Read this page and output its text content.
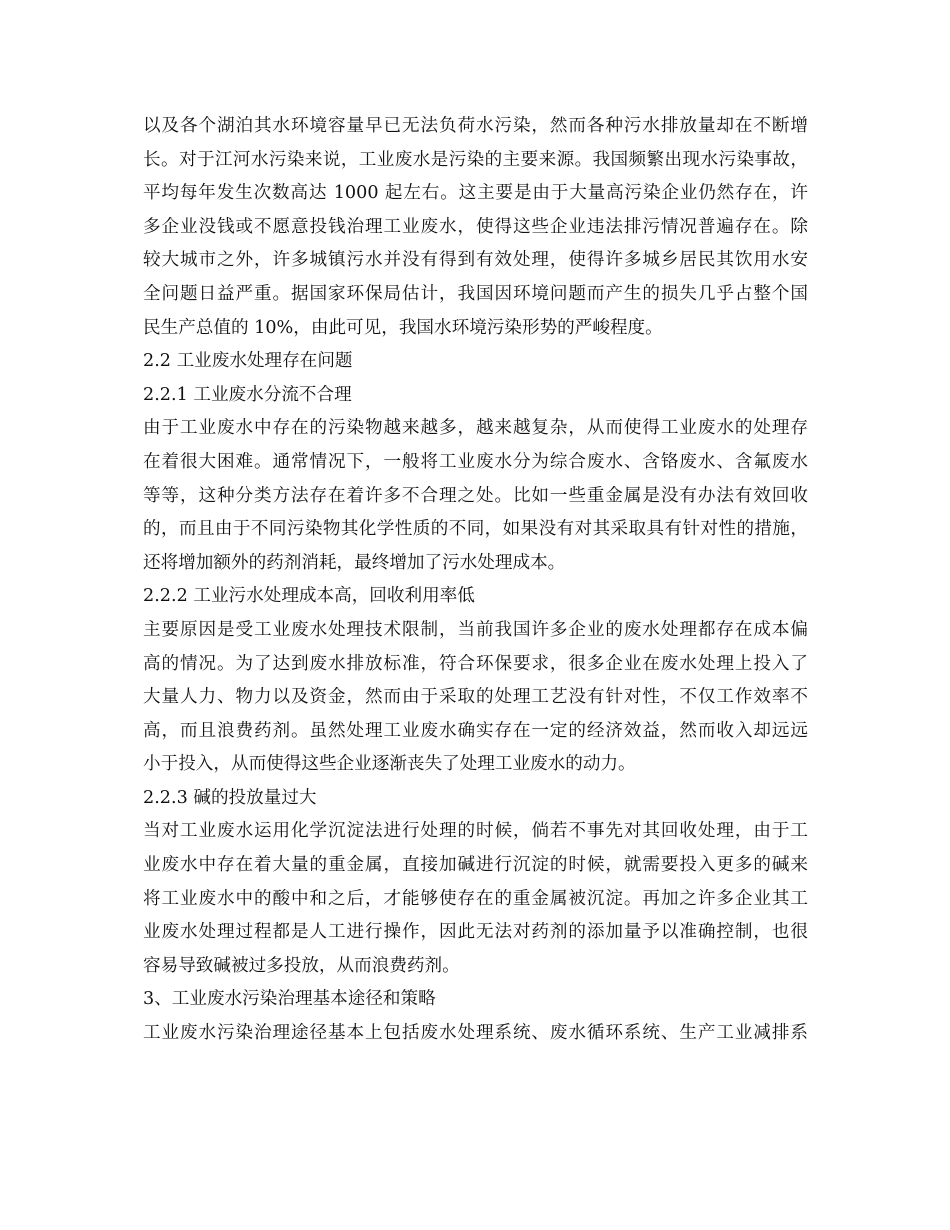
以及各个湖泊其水环境容量早已无法负荷水污染，然而各种污水排放量却在不断增
长。对于江河水污染来说，工业废水是污染的主要来源。我国频繁出现水污染事故，
平均每年发生次数高达 1000 起左右。这主要是由于大量高污染企业仍然存在，许
多企业没钱或不愿意投钱治理工业废水，使得这些企业违法排污情况普遍存在。除
较大城市之外，许多城镇污水并没有得到有效处理，使得许多城乡居民其饮用水安
全问题日益严重。据国家环保局估计，我国因环境问题而产生的损失几乎占整个国
民生产总值的 10%，由此可见，我国水环境污染形势的严峻程度。
2.2 工业废水处理存在问题
2.2.1 工业废水分流不合理
由于工业废水中存在的污染物越来越多，越来越复杂，从而使得工业废水的处理存
在着很大困难。通常情况下，一般将工业废水分为综合废水、含铬废水、含氟废水
等等，这种分类方法存在着许多不合理之处。比如一些重金属是没有办法有效回收
的，而且由于不同污染物其化学性质的不同，如果没有对其采取具有针对性的措施，
还将增加额外的药剂消耗，最终增加了污水处理成本。
2.2.2 工业污水处理成本高，回收利用率低
主要原因是受工业废水处理技术限制，当前我国许多企业的废水处理都存在成本偏
高的情况。为了达到废水排放标准，符合环保要求，很多企业在废水处理上投入了
大量人力、物力以及资金，然而由于采取的处理工艺没有针对性，不仅工作效率不
高，而且浪费药剂。虽然处理工业废水确实存在一定的经济效益，然而收入却远远
小于投入，从而使得这些企业逐渐丧失了处理工业废水的动力。
2.2.3 碱的投放量过大
当对工业废水运用化学沉淀法进行处理的时候，倘若不事先对其回收处理，由于工
业废水中存在着大量的重金属，直接加碱进行沉淀的时候，就需要投入更多的碱来
将工业废水中的酸中和之后，才能够使存在的重金属被沉淀。再加之许多企业其工
业废水处理过程都是人工进行操作，因此无法对药剂的添加量予以准确控制，也很
容易导致碱被过多投放，从而浪费药剂。
3、工业废水污染治理基本途径和策略
工业废水污染治理途径基本上包括废水处理系统、废水循环系统、生产工业减排系
